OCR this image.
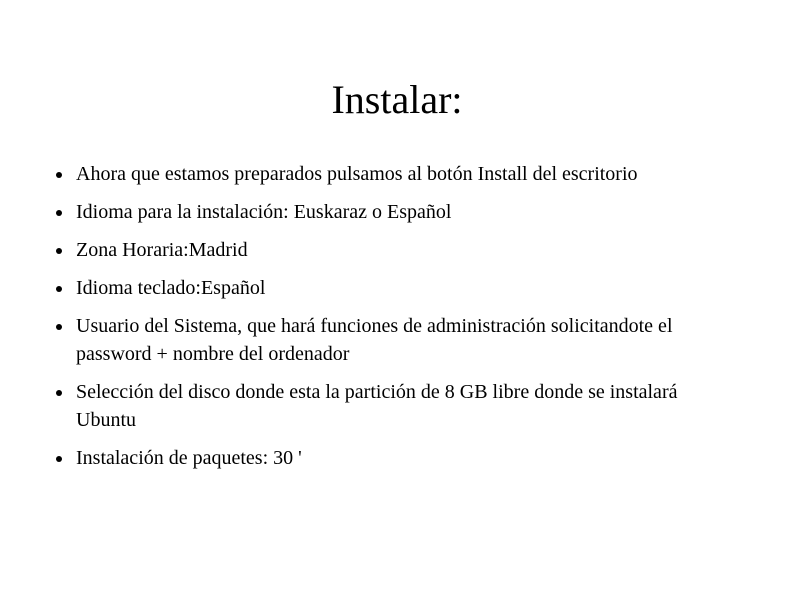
Instalar:
Ahora que estamos preparados pulsamos al botón Install del escritorio
Idioma para la instalación: Euskaraz o Español
Zona Horaria:Madrid
Idioma teclado:Español
Usuario del Sistema, que hará funciones de administración solicitandote el password + nombre del ordenador
Selección del disco donde esta la partición de 8 GB libre donde se instalará Ubuntu
Instalación de paquetes: 30 '
